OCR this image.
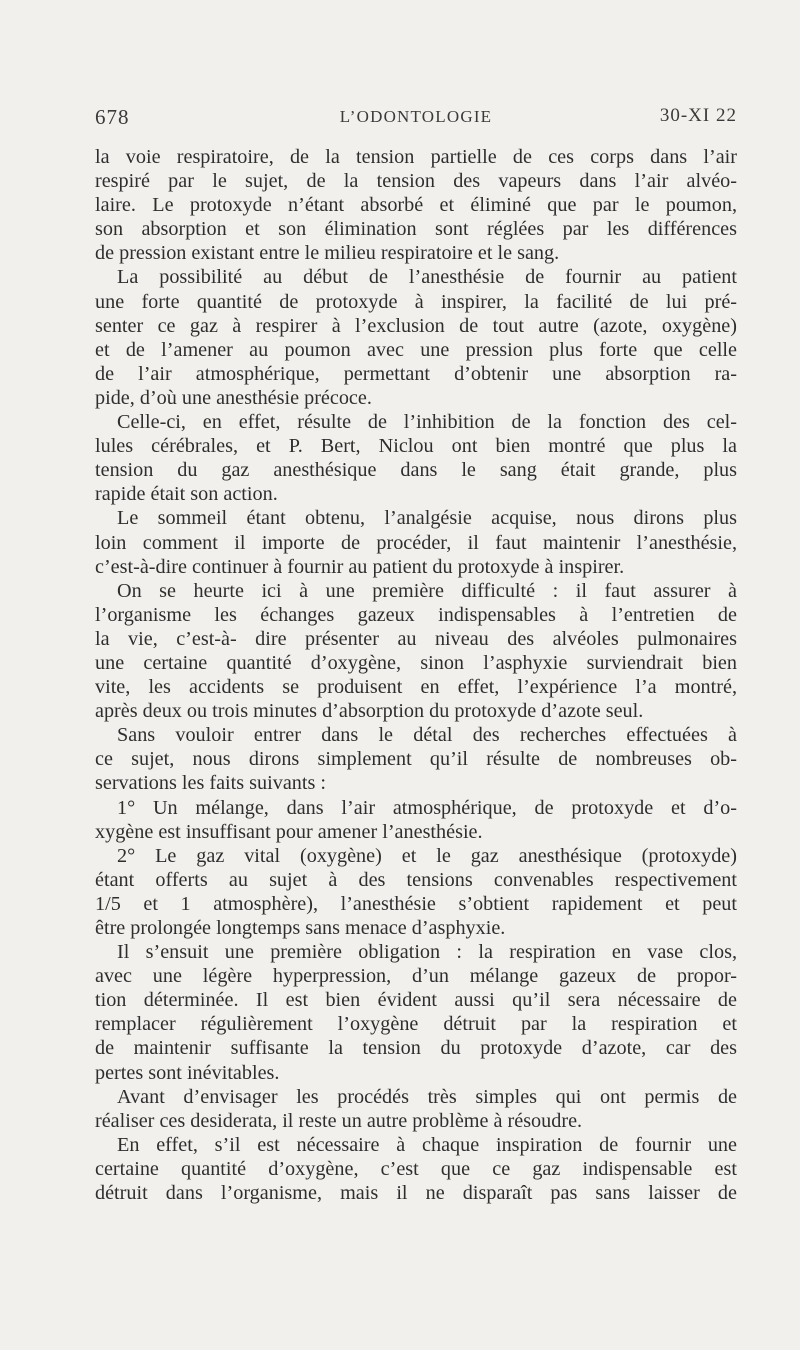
678	L’ODONTOLOGIE	30-XI 22
la voie respiratoire, de la tension partielle de ces corps dans l’air
respiré par le sujet, de la tension des vapeurs dans l’air alvéo-
laire. Le protoxyde n’étant absorbé et éliminé que par le poumon,
son absorption et son élimination sont réglées par les différences
de pression existant entre le milieu respiratoire et le sang.
La possibilité au début de l’anesthésie de fournir au patient
une forte quantité de protoxyde à inspirer, la facilité de lui pré-
senter ce gaz à respirer à l’exclusion de tout autre (azote, oxygène)
et de l’amener au poumon avec une pression plus forte que celle
de l’air atmosphérique, permettant d’obtenir une absorption ra-
pide, d’où une anesthésie précoce.
Celle-ci, en effet, résulte de l’inhibition de la fonction des cel-
lules cérébrales, et P. Bert, Niclou ont bien montré que plus la
tension du gaz anesthésique dans le sang était grande, plus
rapide était son action.
Le sommeil étant obtenu, l’analgésie acquise, nous dirons plus
loin comment il importe de procéder, il faut maintenir l’anesthésie,
c’est-à-dire continuer à fournir au patient du protoxyde à inspirer.
On se heurte ici à une première difficulté : il faut assurer à
l’organisme les échanges gazeux indispensables à l’entretien de
la vie, c’est-à- dire présenter au niveau des alvéoles pulmonaires
une certaine quantité d’oxygène, sinon l’asphyxie surviendrait bien
vite, les accidents se produisent en effet, l’expérience l’a montré,
après deux ou trois minutes d’absorption du protoxyde d’azote seul.
Sans vouloir entrer dans le détal des recherches effectuées à
ce sujet, nous dirons simplement qu’il résulte de nombreuses ob-
servations les faits suivants :
1° Un mélange, dans l’air atmosphérique, de protoxyde et d’o-
xygène est insuffisant pour amener l’anesthésie.
2° Le gaz vital (oxygène) et le gaz anesthésique (protoxyde)
étant offerts au sujet à des tensions convenables respectivement
1/5 et 1 atmosphère), l’anesthésie s’obtient rapidement et peut
être prolongée longtemps sans menace d’asphyxie.
Il s’ensuit une première obligation : la respiration en vase clos,
avec une légère hyperpression, d’un mélange gazeux de propor-
tion déterminée. Il est bien évident aussi qu’il sera nécessaire de
remplacer régulièrement l’oxygène détruit par la respiration et
de maintenir suffisante la tension du protoxyde d’azote, car des
pertes sont inévitables.
Avant d’envisager les procédés très simples qui ont permis de
réaliser ces desiderata, il reste un autre problème à résoudre.
En effet, s’il est nécessaire à chaque inspiration de fournir une
certaine quantité d’oxygène, c’est que ce gaz indispensable est
détruit dans l’organisme, mais il ne disparaît pas sans laisser de
